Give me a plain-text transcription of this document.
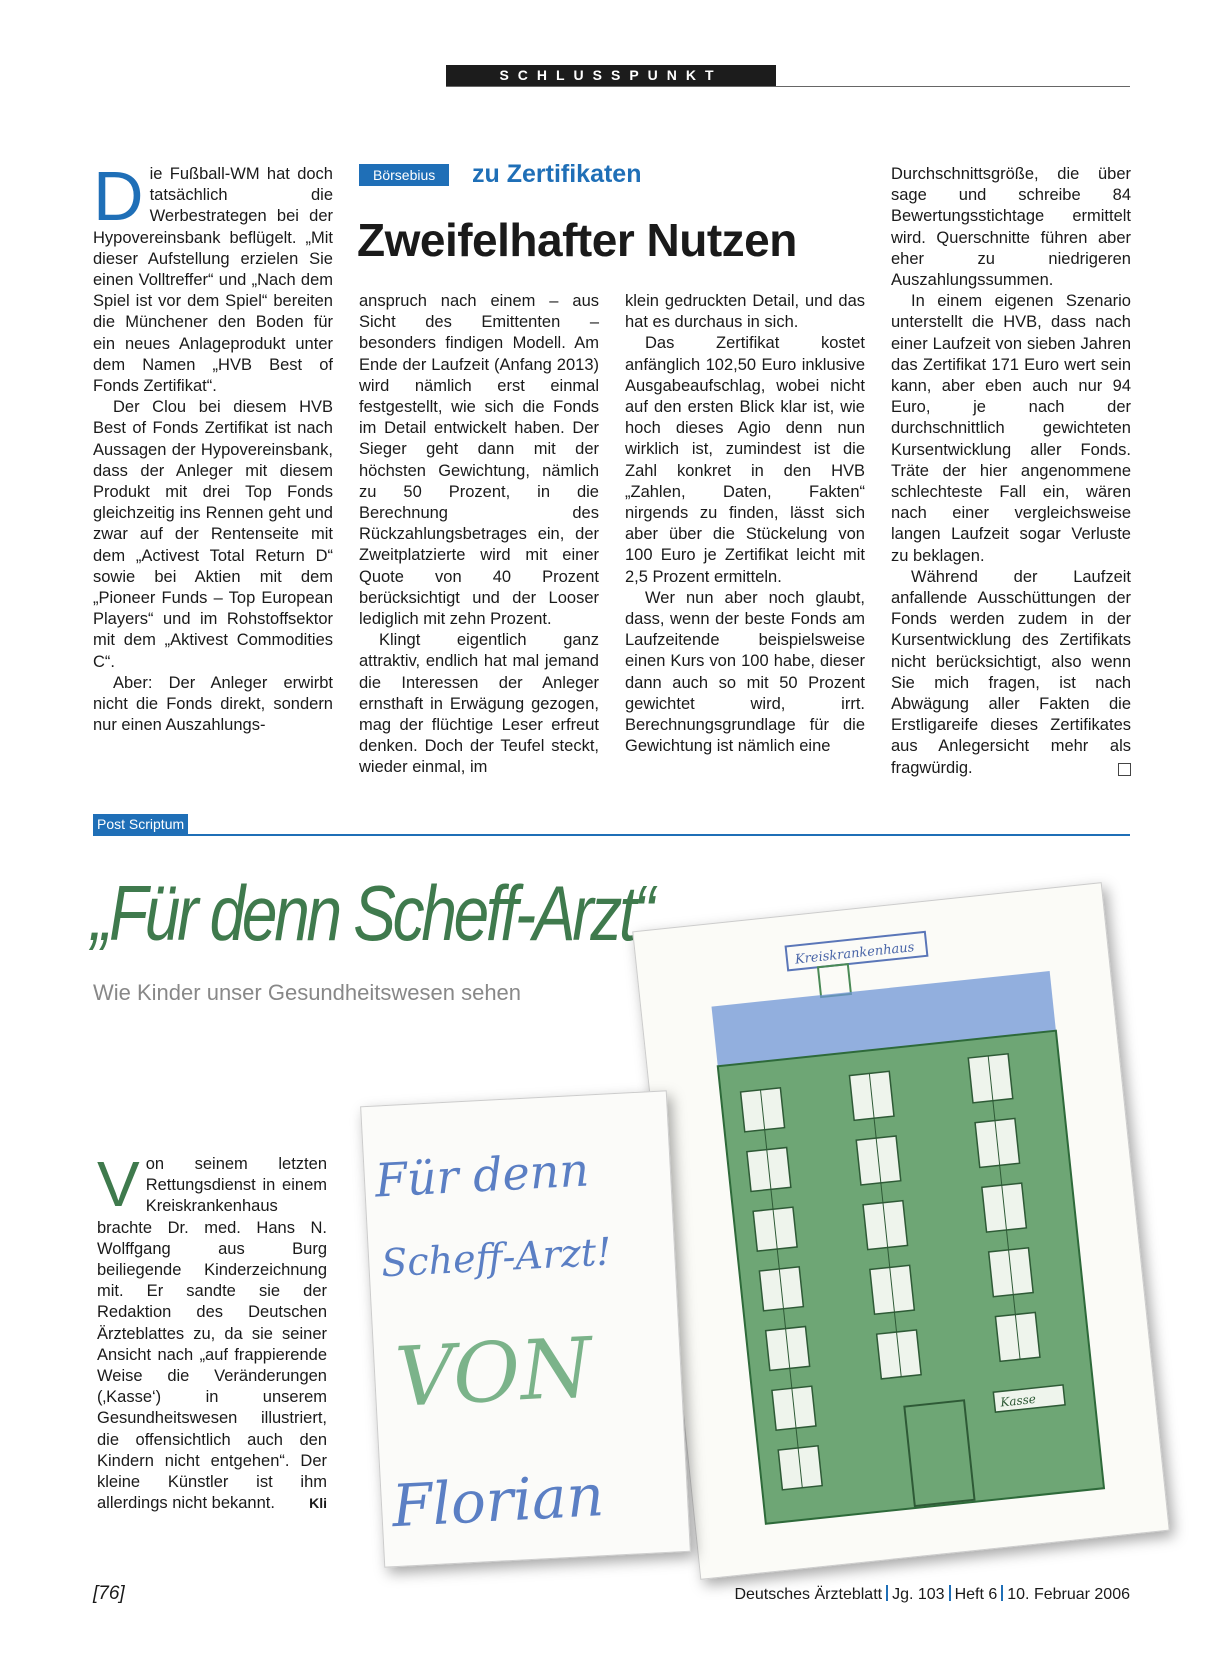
SCHLUSSPUNKT

Die Fußball-WM hat doch tatsächlich die Werbestrategen bei der Hypovereinsbank beflügelt. „Mit dieser Aufstellung erzielen Sie einen Volltreffer“ und „Nach dem Spiel ist vor dem Spiel“ bereiten die Münchener den Boden für ein neues Anlageprodukt unter dem Namen „HVB Best of Fonds Zertifikat“.

Der Clou bei diesem HVB Best of Fonds Zertifikat ist nach Aussagen der Hypovereinsbank, dass der Anleger mit diesem Produkt mit drei Top Fonds gleichzeitig ins Rennen geht und zwar auf der Rentenseite mit dem „Activest Total Return D“ sowie bei Aktien mit dem „Pioneer Funds – Top European Players“ und im Rohstoffsektor mit dem „Aktivest Commodities C“.

Aber: Der Anleger erwirbt nicht die Fonds direkt, sondern nur einen Auszahlungs-

Börsebius	zu Zertifikaten
Zweifelhafter Nutzen

anspruch nach einem – aus Sicht des Emittenten – besonders findigen Modell. Am Ende der Laufzeit (Anfang 2013) wird nämlich erst einmal festgestellt, wie sich die Fonds im Detail entwickelt haben. Der Sieger geht dann mit der höchsten Gewichtung, nämlich zu 50 Prozent, in die Berechnung des Rückzahlungsbetrages ein, der Zweitplatzierte wird mit einer Quote von 40 Prozent berücksichtigt und der Looser lediglich mit zehn Prozent.

Klingt eigentlich ganz attraktiv, endlich hat mal jemand die Interessen der Anleger ernsthaft in Erwägung gezogen, mag der flüchtige Leser erfreut denken. Doch der Teufel steckt, wieder einmal, im

klein gedruckten Detail, und das hat es durchaus in sich.

Das Zertifikat kostet anfänglich 102,50 Euro inklusive Ausgabeaufschlag, wobei nicht auf den ersten Blick klar ist, wie hoch dieses Agio denn nun wirklich ist, zumindest ist die Zahl konkret in den HVB „Zahlen, Daten, Fakten“ nirgends zu finden, lässt sich aber über die Stückelung von 100 Euro je Zertifikat leicht mit 2,5 Prozent ermitteln.

Wer nun aber noch glaubt, dass, wenn der beste Fonds am Laufzeitende beispielsweise einen Kurs von 100 habe, dieser dann auch so mit 50 Prozent gewichtet wird, irrt. Berechnungsgrundlage für die Gewichtung ist nämlich eine

Durchschnittsgröße, die über sage und schreibe 84 Bewertungsstichtage ermittelt wird. Querschnitte führen aber eher zu niedrigeren Auszahlungssummen.

In einem eigenen Szenario unterstellt die HVB, dass nach einer Laufzeit von sieben Jahren das Zertifikat 171 Euro wert sein kann, aber eben auch nur 94 Euro, je nach der durchschnittlich gewichteten Kursentwicklung aller Fonds. Träte der hier angenommene schlechteste Fall ein, wären nach einer vergleichsweise langen Laufzeit sogar Verluste zu beklagen.

Während der Laufzeit anfallende Ausschüttungen der Fonds werden zudem in der Kursentwicklung des Zertifikats nicht berücksichtigt, also wenn Sie mich fragen, ist nach Abwägung aller Fakten die Erstligareife dieses Zertifikates aus Anlegersicht mehr als fragwürdig.

Post Scriptum
„Für denn Scheff-Arzt“
Wie Kinder unser Gesundheitswesen sehen

Von seinem letzten Rettungsdienst in einem Kreiskrankenhaus brachte Dr. med. Hans N. Wolffgang aus Burg beiliegende Kinderzeichnung mit. Er sandte sie der Redaktion des Deutschen Ärzteblattes zu, da sie seiner Ansicht nach „auf frappierende Weise die Veränderungen (‚Kasse‘) in unserem Gesundheitswesen illustriert, die offensichtlich auch den Kindern nicht entgehen“. Der kleine Künstler ist ihm allerdings nicht bekannt. Kli

Kreiskrankenhaus
Kasse
Für denn
Scheff-Arzt!
VON
Florian
[76]	Deutsches Ärzteblatt Jg. 103 Heft 6 10. Februar 2006
